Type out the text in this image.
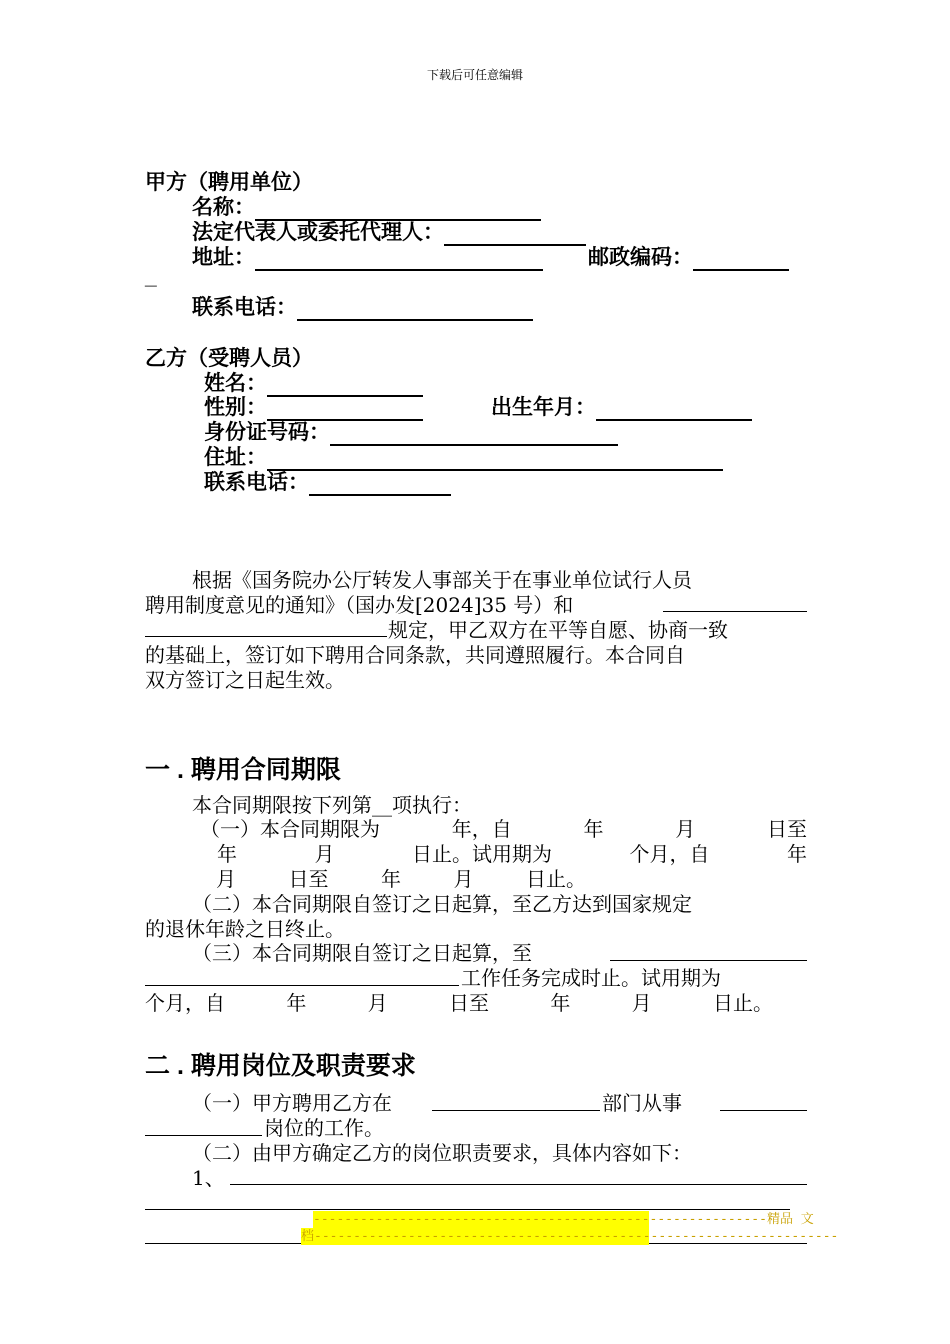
下载后可任意编辑
甲方（聘用单位）
名称：
法定代表人或委托代理人：
地址：	邮政编码：
_
联系电话：
乙方（受聘人员）
姓名：
性别：	出生年月：
身份证号码：
住址：
联系电话：
根据《国务院办公厅转发人事部关于在事业单位试行人员
聘用制度意见的通知》（国办发[2024]35 号）和
规定，甲乙双方在平等自愿、协商一致
的基础上，签订如下聘用合同条款，共同遵照履行。本合同自
双方签订之日起生效。
一 . 聘用合同期限
本合同期限按下列第__项执行：
（一）本合同期限为	年，自	年	月	日至
年	月	日止。试用期为	个月，自	年
月	日至	年	月	日止。
（二）本合同期限自签订之日起算，至乙方达到国家规定
的退休年龄之日终止。
（三）本合同期限自签订之日起算，至
工作任务完成时止。试用期为
个月，自	年	月	日至	年	月	日止。
二 . 聘用岗位及职责要求
（一）甲方聘用乙方在	部门从事
岗位的工作。
（二）由甲方确定乙方的岗位职责要求，具体内容如下：
1、
----------------------------------------------------------精品 文
档-------------------------------------------------------------------
